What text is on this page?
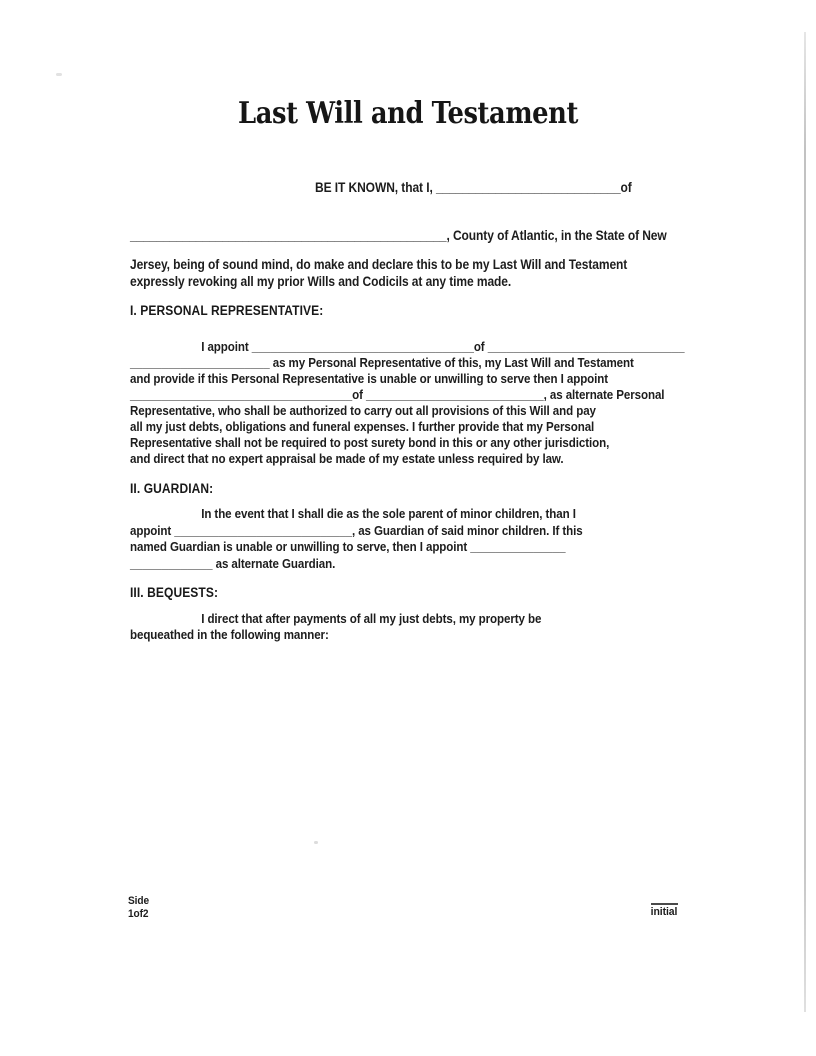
Last Will and Testament
BE IT KNOWN, that I, ____________________________of
________________________________________________, County of Atlantic, in the State of New
Jersey, being of sound mind, do make and declare this to be my Last Will and Testament
expressly revoking all my prior Wills and Codicils at any time made.
I. PERSONAL REPRESENTATIVE:
I appoint ___________________________________of _______________________________
______________________ as my Personal Representative of this, my Last Will and Testament
and provide if this Personal Representative is unable or unwilling to serve then I appoint
___________________________________of ____________________________, as alternate Personal
Representative, who shall be authorized to carry out all provisions of this Will and pay
all my just debts, obligations and funeral expenses. I further provide that my Personal
Representative shall not be required to post surety bond in this or any other jurisdiction,
and direct that no expert appraisal be made of my estate unless required by law.
II. GUARDIAN:
In the event that I shall die as the sole parent of minor children, than I
appoint ____________________________, as Guardian of said minor children. If this
named Guardian is unable or unwilling to serve, then I appoint _______________
_____________ as alternate Guardian.
III. BEQUESTS:
I direct that after payments of all my just debts, my property be
bequeathed in the following manner:
Side
1of2	initial
